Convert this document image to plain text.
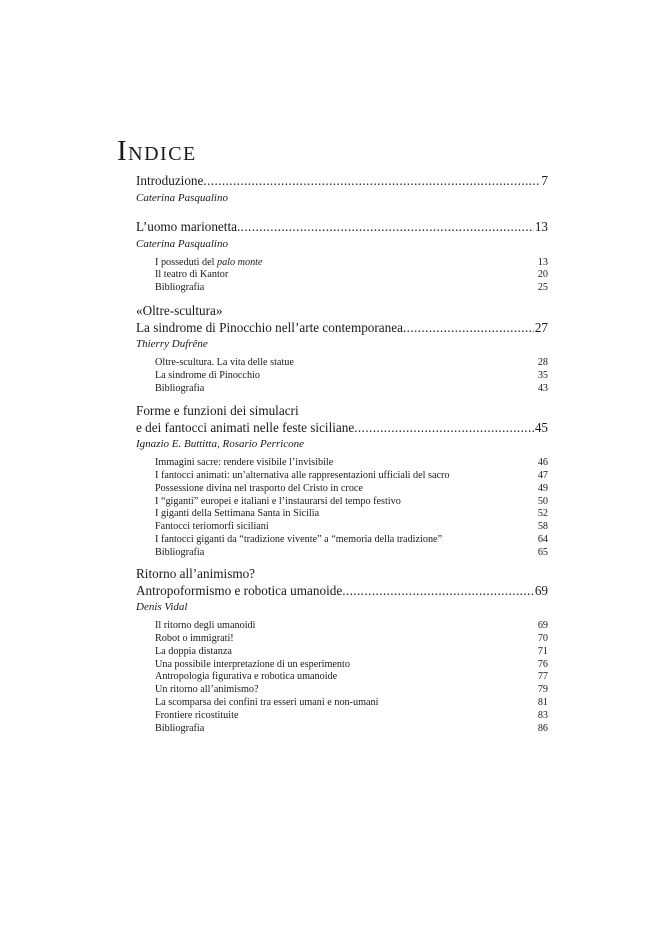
Indice
Introduzione .....	7
Caterina Pasqualino
L’uomo marionetta .....	13
Caterina Pasqualino
I posseduti del palo monte	13
Il teatro di Kantor	20
Bibliografia	25
«Oltre-scultura»
La sindrome di Pinocchio nell’arte contemporanea .....	27
Thierry Dufrêne
Oltre-scultura. La vita delle statue	28
La sindrome di Pinocchio	35
Bibliografia	43
Forme e funzioni dei simulacri
e dei fantocci animati nelle feste siciliane .....	45
Ignazio E. Buttitta, Rosario Perricone
Immagini sacre: rendere visibile l’invisibile	46
I fantocci animati: un’alternativa alle rappresentazioni ufficiali del sacro	47
Possessione divina nel trasporto del Cristo in croce	49
I “giganti” europei e italiani e l’instaurarsi del tempo festivo	50
I giganti della Settimana Santa in Sicilia	52
Fantocci teriomorfi siciliani	58
I fantocci giganti da “tradizione vivente” a “memoria della tradizione”	64
Bibliografia	65
Ritorno all’animismo?
Antropoformismo e robotica umanoide .....	69
Denis Vidal
Il ritorno degli umanoidi	69
Robot o immigrati!	70
La doppia distanza	71
Una possibile interpretazione di un esperimento	76
Antropologia figurativa e robotica umanoide	77
Un ritorno all’animismo?	79
La scomparsa dei confini tra esseri umani e non-umani	81
Frontiere ricostituite	83
Bibliografia	86
